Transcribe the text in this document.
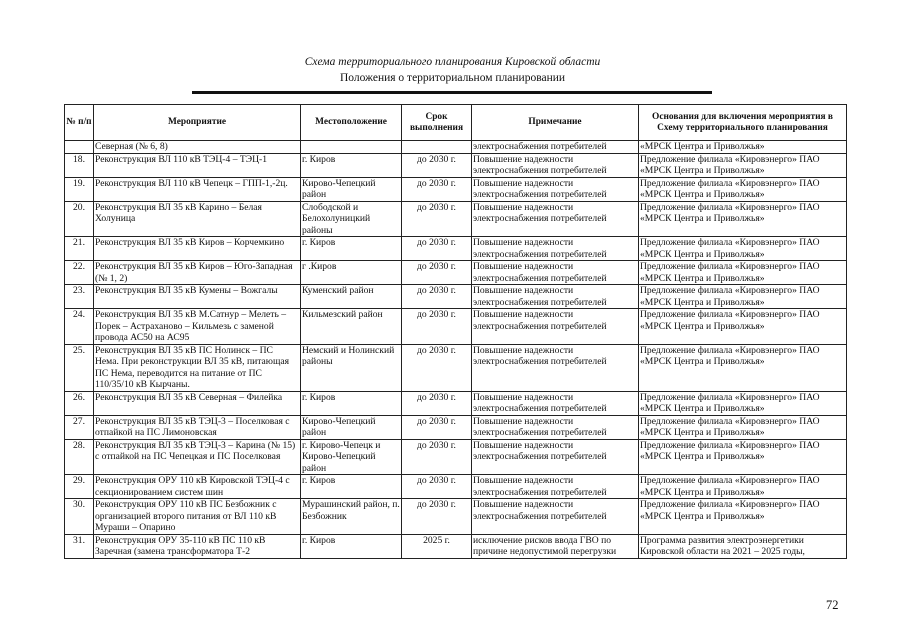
Схема территориального планирования Кировской области
Положения о территориальном планировании
№ п/п	Мероприятие	Местоположение	Срок выполнения	Примечание	Основания для включения мероприятия в Схему территориального планирования
	Северная (№ 6, 8)			электроснабжения потребителей	«МРСК Центра и Приволжья»
18.	Реконструкция ВЛ 110 кВ ТЭЦ-4 – ТЭЦ-1	г. Киров	до 2030 г.	Повышение надежности электроснабжения потребителей	Предложение филиала «Кировэнерго» ПАО «МРСК Центра и Приволжья»
19.	Реконструкция ВЛ 110 кВ Чепецк – ГПП-1,-2ц.	Кирово-Чепецкий район	до 2030 г.	Повышение надежности электроснабжения потребителей	Предложение филиала «Кировэнерго» ПАО «МРСК Центра и Приволжья»
20.	Реконструкция ВЛ 35 кВ Карино – Белая Холуница	Слободской и Белохолуницкий районы	до 2030 г.	Повышение надежности электроснабжения потребителей	Предложение филиала «Кировэнерго» ПАО «МРСК Центра и Приволжья»
21.	Реконструкция ВЛ 35 кВ Киров – Корчемкино	г. Киров	до 2030 г.	Повышение надежности электроснабжения потребителей	Предложение филиала «Кировэнерго» ПАО «МРСК Центра и Приволжья»
22.	Реконструкция ВЛ 35 кВ Киров – Юго-Западная (№ 1, 2)	г .Киров	до 2030 г.	Повышение надежности электроснабжения потребителей	Предложение филиала «Кировэнерго» ПАО «МРСК Центра и Приволжья»
23.	Реконструкция ВЛ 35 кВ Кумены – Вожгалы	Куменский район	до 2030 г.	Повышение надежности электроснабжения потребителей	Предложение филиала «Кировэнерго» ПАО «МРСК Центра и Приволжья»
24.	Реконструкция ВЛ 35 кВ М.Сатнур – Мелеть – Порек – Астраханово – Кильмезь с заменой провода АС50 на АС95	Кильмезский район	до 2030 г.	Повышение надежности электроснабжения потребителей	Предложение филиала «Кировэнерго» ПАО «МРСК Центра и Приволжья»
25.	Реконструкция ВЛ 35 кВ ПС Нолинск – ПС Нема. При реконструкции ВЛ 35 кВ, питающая ПС Нема, переводится на питание от ПС 110/35/10 кВ Кырчаны.	Немский и Нолинский районы	до 2030 г.	Повышение надежности электроснабжения потребителей	Предложение филиала «Кировэнерго» ПАО «МРСК Центра и Приволжья»
26.	Реконструкция ВЛ 35 кВ Северная – Филейка	г. Киров	до 2030 г.	Повышение надежности электроснабжения потребителей	Предложение филиала «Кировэнерго» ПАО «МРСК Центра и Приволжья»
27.	Реконструкция ВЛ 35 кВ ТЭЦ-3 – Поселковая с отпайкой на ПС Лимоновская	Кирово-Чепецкий район	до 2030 г.	Повышение надежности электроснабжения потребителей	Предложение филиала «Кировэнерго» ПАО «МРСК Центра и Приволжья»
28.	Реконструкция ВЛ 35 кВ ТЭЦ-3 – Карина (№ 15) с отпайкой на ПС Чепецкая и ПС Поселковая	г. Кирово-Чепецк и Кирово-Чепецкий район	до 2030 г.	Повышение надежности электроснабжения потребителей	Предложение филиала «Кировэнерго» ПАО «МРСК Центра и Приволжья»
29.	Реконструкция ОРУ 110 кВ Кировской ТЭЦ-4 с секционированием систем шин	г. Киров	до 2030 г.	Повышение надежности электроснабжения потребителей	Предложение филиала «Кировэнерго» ПАО «МРСК Центра и Приволжья»
30.	Реконструкция ОРУ 110 кВ ПС Безбожник с организацией второго питания от ВЛ 110 кВ Мураши – Опарино	Мурашинский район, п. Безбожник	до 2030 г.	Повышение надежности электроснабжения потребителей	Предложение филиала «Кировэнерго» ПАО «МРСК Центра и Приволжья»
31.	Реконструкция ОРУ 35-110 кВ ПС 110 кВ Заречная (замена трансформатора Т-2	г. Киров	2025 г.	исключение рисков ввода ГВО по причине недопустимой перегрузки	Программа развития электроэнергетики Кировской области на 2021 – 2025 годы,
72
